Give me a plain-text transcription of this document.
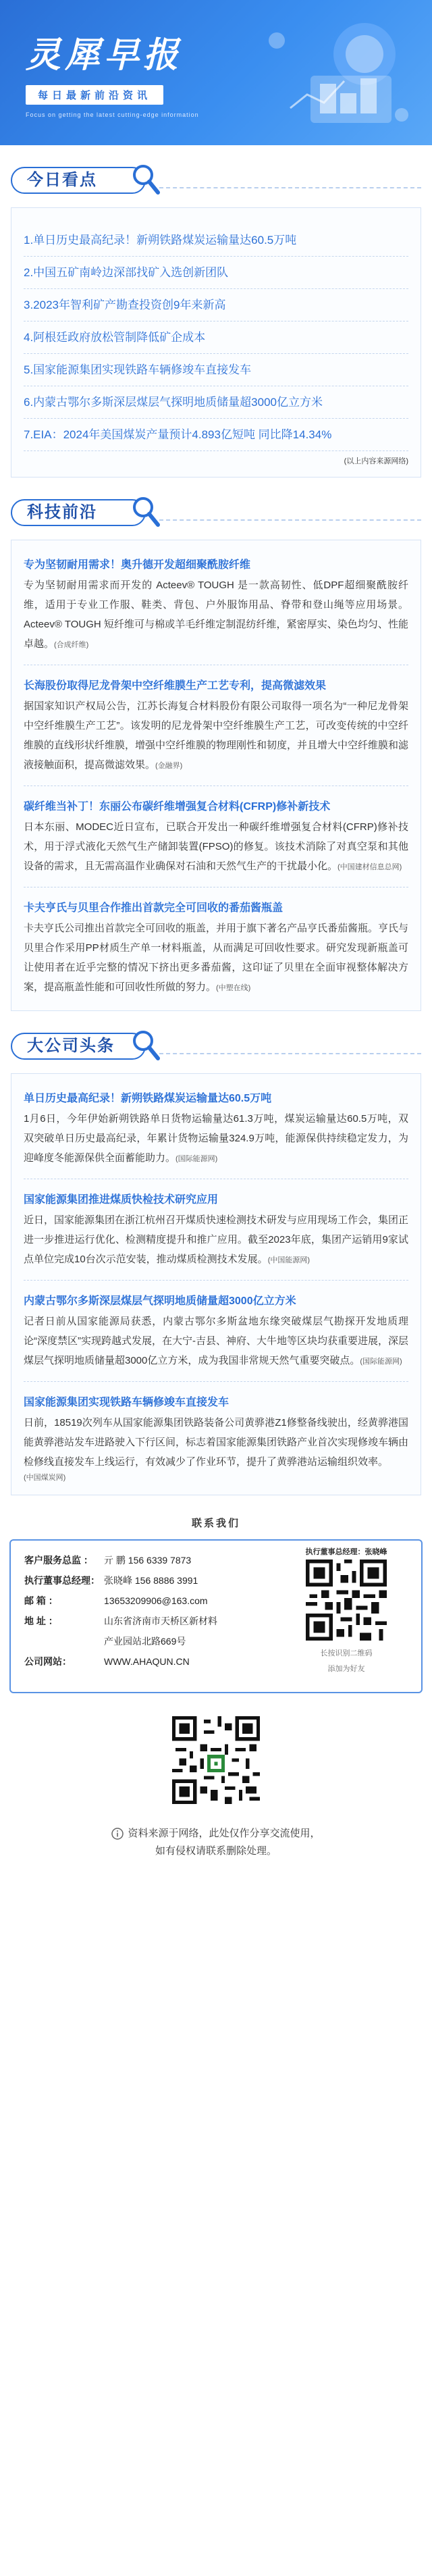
灵犀早报
每日最新前沿资讯
Focus on getting the latest cutting-edge information
今日看点
1.单日历史最高纪录！新朔铁路煤炭运输量达60.5万吨
2.中国五矿南岭边深部找矿入选创新团队
3.2023年智利矿产勘查投资创9年来新高
4.阿根廷政府放松管制降低矿企成本
5.国家能源集团实现铁路车辆修竣车直接发车
6.内蒙古鄂尔多斯深层煤层气探明地质储量超3000亿立方米
7.EIA：2024年美国煤炭产量预计4.893亿短吨 同比降14.34%
(以上内容来源网络)
科技前沿
专为坚韧耐用需求！奥升德开发超细聚酰胺纤维
专为坚韧耐用需求而开发的 Acteev® TOUGH 是一款高韧性、低DPF超细聚酰胺纤维，适用于专业工作服、鞋类、背包、户外服饰用品、脊带和登山绳等应用场景。Acteev® TOUGH 短纤维可与棉或羊毛纤维定制混纺纤维，紧密厚实、染色均匀、性能卓越。(合成纤维)
长海股份取得尼龙骨架中空纤维膜生产工艺专利，提高微滤效果
据国家知识产权局公告，江苏长海复合材料股份有限公司取得一项名为“一种尼龙骨架中空纤维膜生产工艺”。该发明的尼龙骨架中空纤维膜生产工艺，可改变传统的中空纤维膜的直线形状纤维膜，增强中空纤维膜的物理刚性和韧度，并且增大中空纤维膜和滤液接触面积，提高微滤效果。(金融界)
碳纤维当补丁！东丽公布碳纤维增强复合材料(CFRP)修补新技术
日本东丽、MODEC近日宣布，已联合开发出一种碳纤维增强复合材料(CFRP)修补技术，用于浮式液化天然气生产储卸装置(FPSO)的修复。该技术消除了对真空泵和其他设备的需求，且无需高温作业确保对石油和天然气生产的干扰最小化。(中国建材信息总网)
卡夫亨氏与贝里合作推出首款完全可回收的番茄酱瓶盖
卡夫亨氏公司推出首款完全可回收的瓶盖，并用于旗下著名产品亨氏番茄酱瓶。亨氏与贝里合作采用PP材质生产单一材料瓶盖，从而满足可回收性要求。研究发现新瓶盖可让使用者在近乎完整的情况下挤出更多番茄酱，这印证了贝里在全面审视整体解决方案，提高瓶盖性能和可回收性所做的努力。(中塑在线)
大公司头条
单日历史最高纪录！新朔铁路煤炭运输量达60.5万吨
1月6日，今年伊始新朔铁路单日货物运输量达61.3万吨，煤炭运输量达60.5万吨，双双突破单日历史最高纪录，年累计货物运输量324.9万吨，能源保供持续稳定发力，为迎峰度冬能源保供全面蓄能助力。(国际能源网)
国家能源集团推进煤质快检技术研究应用
近日，国家能源集团在浙江杭州召开煤质快速检测技术研发与应用现场工作会，集团正进一步推进运行优化、检测精度提升和推广应用。截至2023年底，集团产运销用9家试点单位完成10台次示范安装，推动煤质检测技术发展。(中国能源网)
内蒙古鄂尔多斯深层煤层气探明地质储量超3000亿立方米
记者日前从国家能源局获悉，内蒙古鄂尔多斯盆地东缘突破煤层气勘探开发地质理论“深度禁区”实现跨越式发展，在大宁-吉县、神府、大牛地等区块均获重要进展，深层煤层气探明地质储量超3000亿立方米，成为我国非常规天然气重要突破点。(国际能源网)
国家能源集团实现铁路车辆修竣车直接发车
日前，18519次列车从国家能源集团铁路装备公司黄骅港Z1修整备线驶出，经黄骅港国能黄骅港站发车进路驶入下行区间，标志着国家能源集团铁路产业首次实现修竣车辆由检修线直接发车上线运行，有效减少了作业环节，提升了黄骅港站运输组织效率。
(中国煤炭网)
联系我们
客户服务总监 ：	亓 鹏 156 6339 7873
执行董事总经理： 张晓峰 156 8886 3991
邮 箱 ：	13653209906@163.com
地 址 ：	山东省济南市天桥区新材料
产业园站北路669号
公司网站：	WWW.AHAQUN.CN
执行董事总经理：张晓峰
长按识别二维码
添加为好友
资料来源于网络，此处仅作分享交流使用，
如有侵权请联系删除处理。
